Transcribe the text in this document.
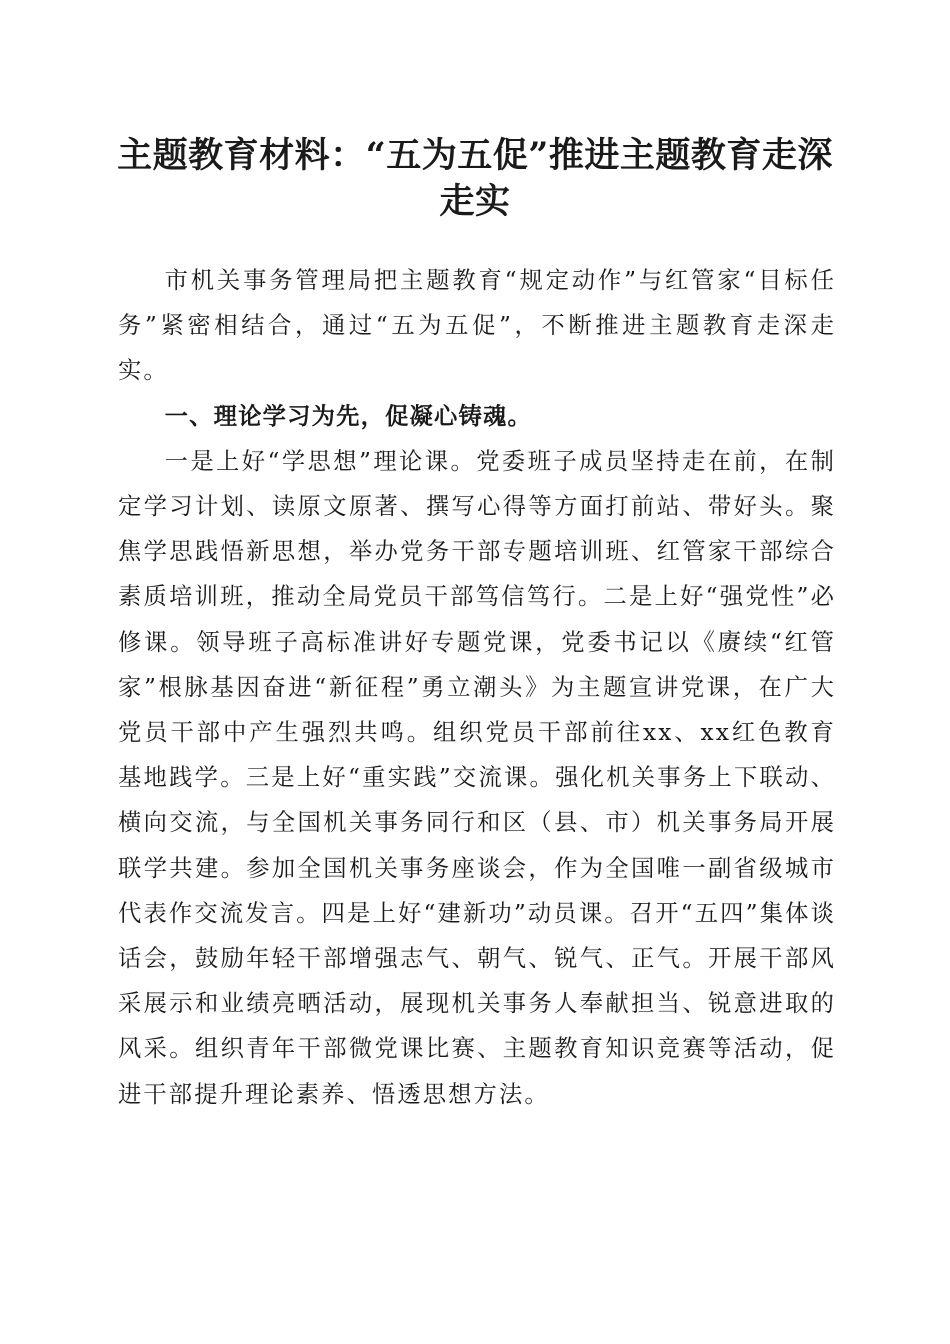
主题教育材料：“五为五促”推进主题教育走深走实

市机关事务管理局把主题教育“规定动作”与红管家“目标任务”紧密相结合，通过“五为五促”，不断推进主题教育走深走实。

一、理论学习为先，促凝心铸魂。

一是上好“学思想”理论课。党委班子成员坚持走在前，在制定学习计划、读原文原著、撰写心得等方面打前站、带好头。聚焦学思践悟新思想，举办党务干部专题培训班、红管家干部综合素质培训班，推动全局党员干部笃信笃行。二是上好“强党性”必修课。领导班子高标准讲好专题党课，党委书记以《赓续“红管家”根脉基因奋进“新征程”勇立潮头》为主题宣讲党课，在广大党员干部中产生强烈共鸣。组织党员干部前往xx、xx红色教育基地践学。三是上好“重实践”交流课。强化机关事务上下联动、横向交流，与全国机关事务同行和区（县、市）机关事务局开展联学共建。参加全国机关事务座谈会，作为全国唯一副省级城市代表作交流发言。四是上好“建新功”动员课。召开“五四”集体谈话会，鼓励年轻干部增强志气、朝气、锐气、正气。开展干部风采展示和业绩亮晒活动，展现机关事务人奉献担当、锐意进取的风采。组织青年干部微党课比赛、主题教育知识竞赛等活动，促进干部提升理论素养、悟透思想方法。
